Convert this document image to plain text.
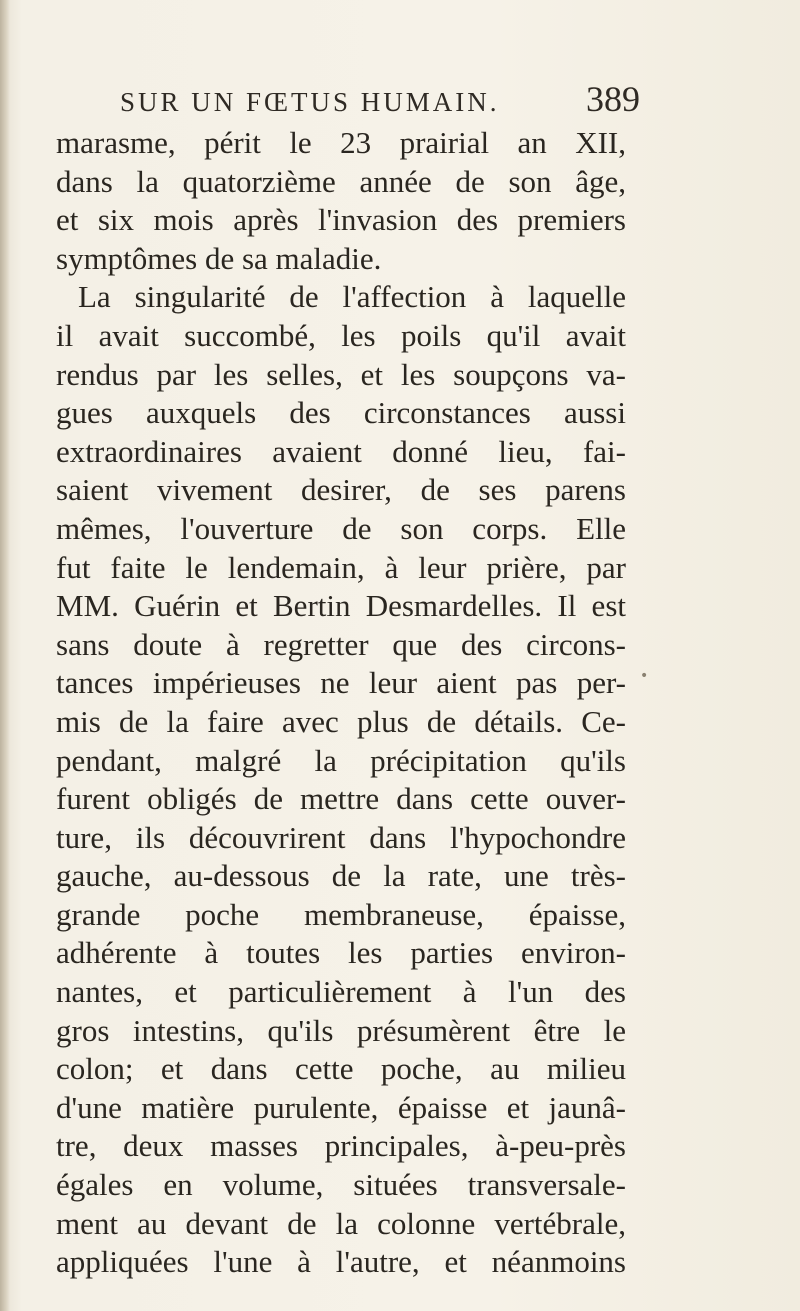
SUR UN FŒTUS HUMAIN. 389
marasme, périt le 23 prairial an XII,
dans la quatorzième année de son âge,
et six mois après l'invasion des premiers
symptômes de sa maladie.
La singularité de l'affection à laquelle
il avait succombé, les poils qu'il avait
rendus par les selles, et les soupçons va-
gues auxquels des circonstances aussi
extraordinaires avaient donné lieu, fai-
saient vivement desirer, de ses parens
mêmes, l'ouverture de son corps. Elle
fut faite le lendemain, à leur prière, par
MM. Guérin et Bertin Desmardelles. Il est
sans doute à regretter que des circons-
tances impérieuses ne leur aient pas per-
mis de la faire avec plus de détails. Ce-
pendant, malgré la précipitation qu'ils
furent obligés de mettre dans cette ouver-
ture, ils découvrirent dans l'hypochondre
gauche, au-dessous de la rate, une très-
grande poche membraneuse, épaisse,
adhérente à toutes les parties environ-
nantes, et particulièrement à l'un des
gros intestins, qu'ils présumèrent être le
colon; et dans cette poche, au milieu
d'une matière purulente, épaisse et jaunâ-
tre, deux masses principales, à-peu-près
égales en volume, situées transversale-
ment au devant de la colonne vertébrale,
appliquées l'une à l'autre, et néanmoins
•
